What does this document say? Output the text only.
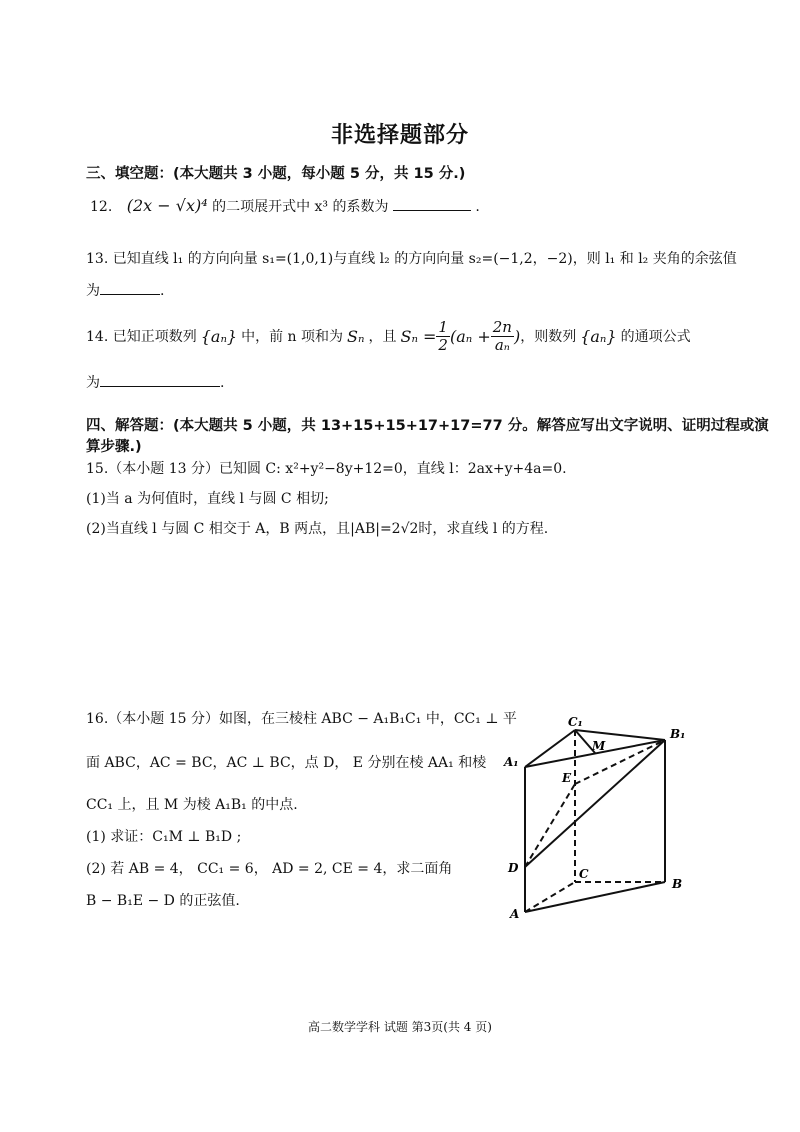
非选择题部分
三、填空题：(本大题共 3 小题，每小题 5 分，共 15 分.)
12. (2x − √x)⁴ 的二项展开式中 x³ 的系数为	.
13. 已知直线 l₁ 的方向向量 s₁=(1,0,1)与直线 l₂ 的方向向量 s₂=(−1,2，−2)，则 l₁ 和 l₂ 夹角的余弦值
为	.
14. 已知正项数列 {aₙ} 中，前 n 项和为 Sₙ ，且 $S_n = \frac{1}{2} (a_n + \frac{2n}{\text{aₙ}}$ ) ，则数列 {aₙ} 的通项公式
为	.
四、解答题：(本大题共 5 小题，共 13+15+15+17+17=77 分。解答应写出文字说明、证明过程或演
算步骤.)
15.（本小题 13 分）已知圆 C: x²+y²−8y+12=0，直线 l：2ax+y+4a=0.
(1)当 a 为何值时，直线 l 与圆 C 相切;
(2)当直线 l 与圆 C 相交于 A，B 两点，且|AB|=2√2时，求直线 l 的方程.
16.（本小题 15 分）如图，在三棱柱 ABC − A₁B₁C₁ 中，CC₁ ⊥ 平
面 ABC，AC = BC，AC ⊥ BC，点 D， E 分别在棱 AA₁ 和棱
CC₁ 上，且 M 为棱 A₁B₁ 的中点.
(1) 求证：C₁M ⊥ B₁D ;
(2) 若 AB = 4， CC₁ = 6， AD = 2, CE = 4，求二面角
B − B₁E − D 的正弦值.
C₁
B₁
A₁
M
E
D	C
B
A
高二数学学科 试题 第3页(共 4 页)
